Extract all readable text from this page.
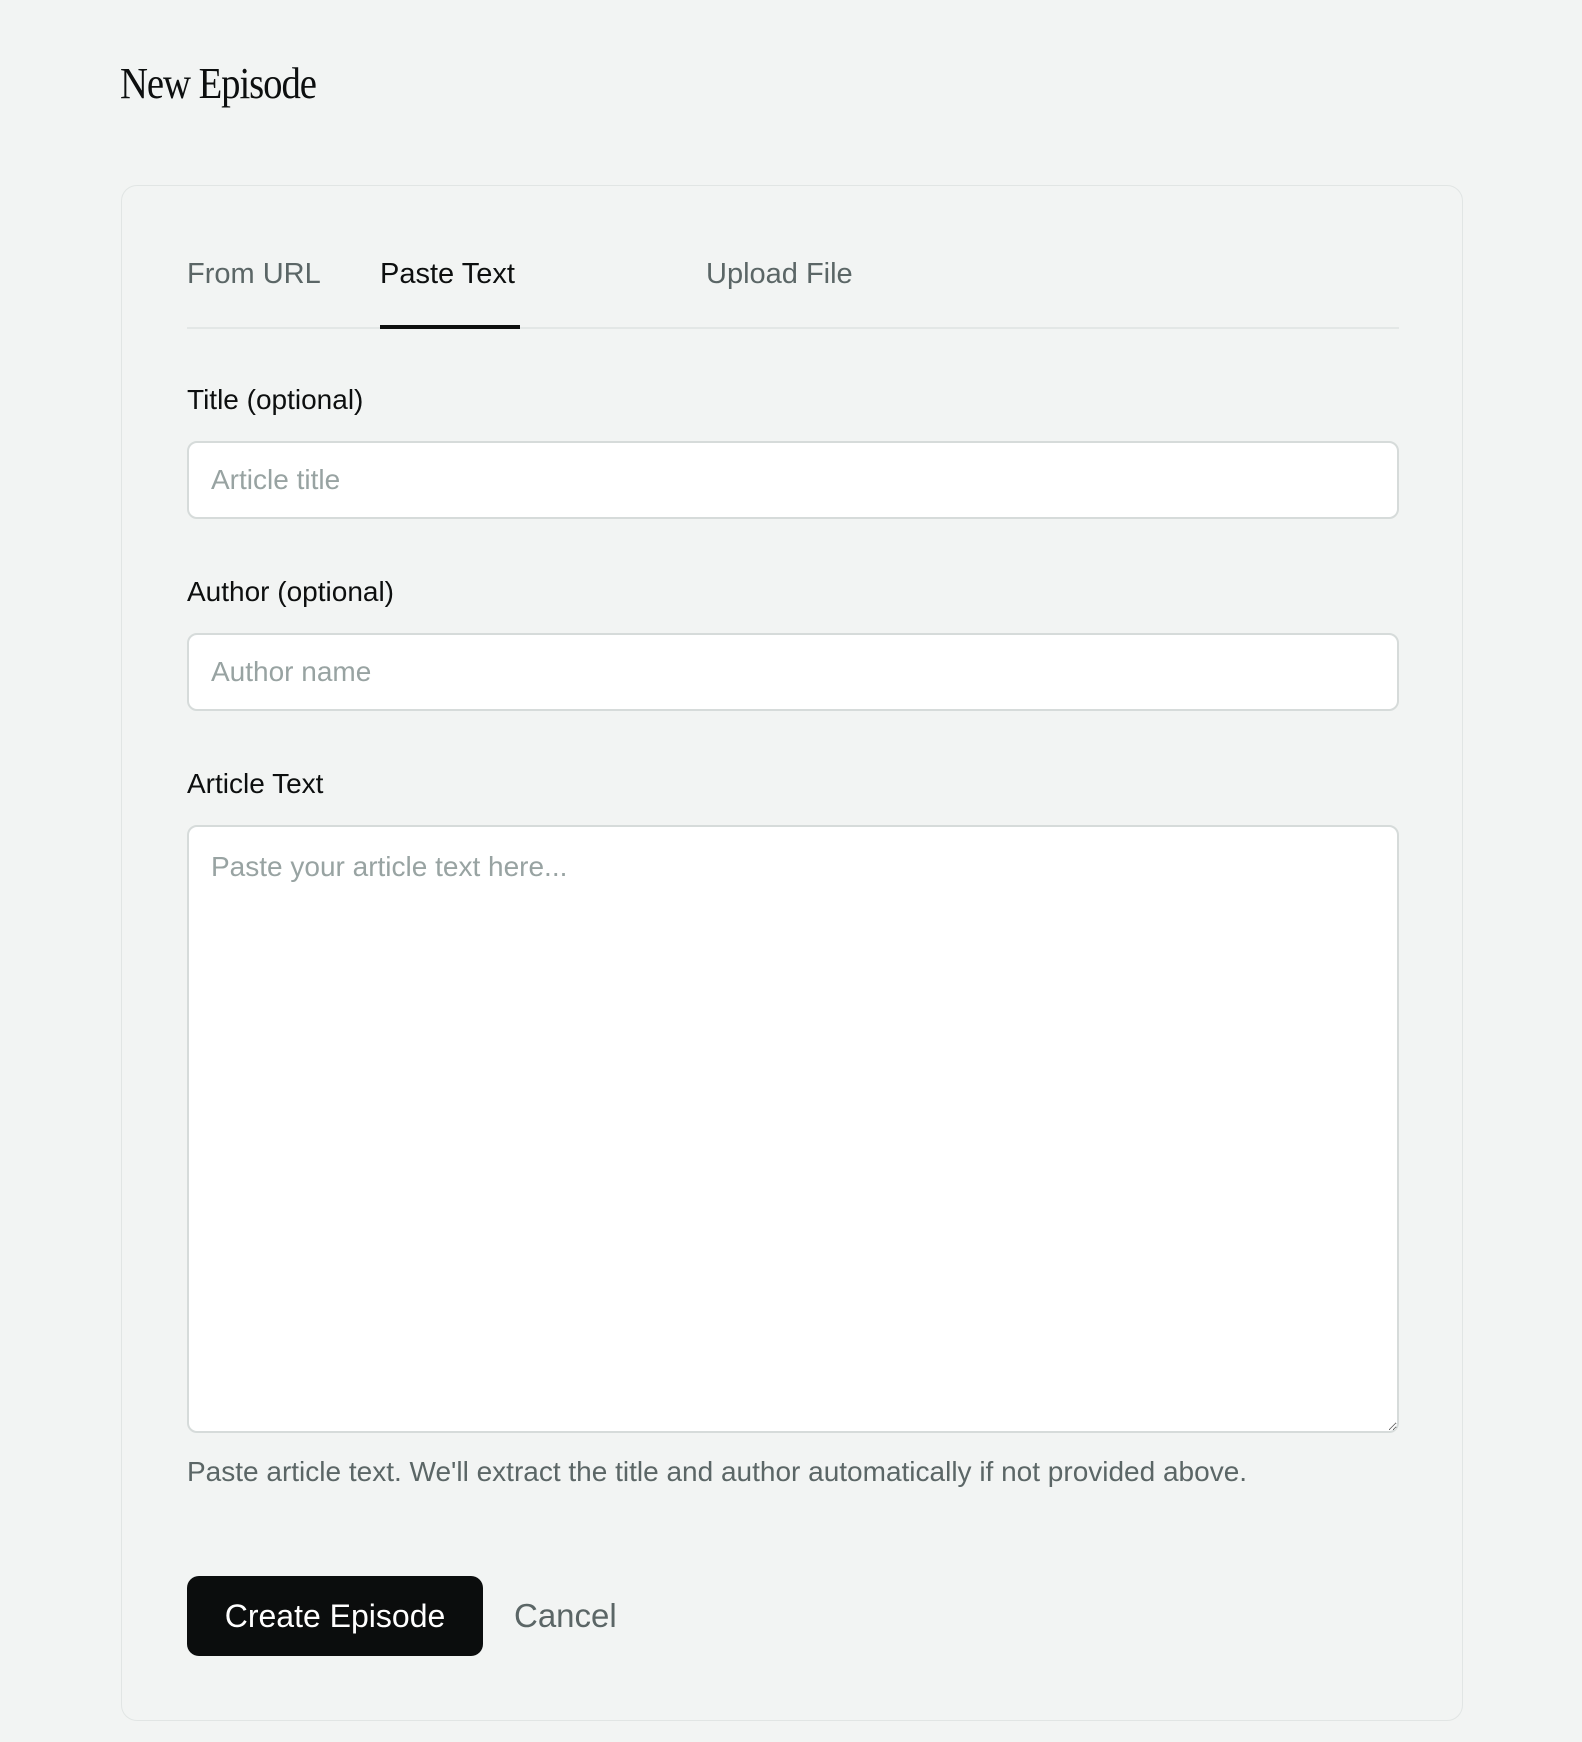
New Episode
From URL Paste Text	Upload File
Title (optional)
Article title
Author (optional)
Author name
Article Text
Paste your article text here...

Paste article text. We'll extract the title and author automatically if not provided above.

Create Episode	Cancel
